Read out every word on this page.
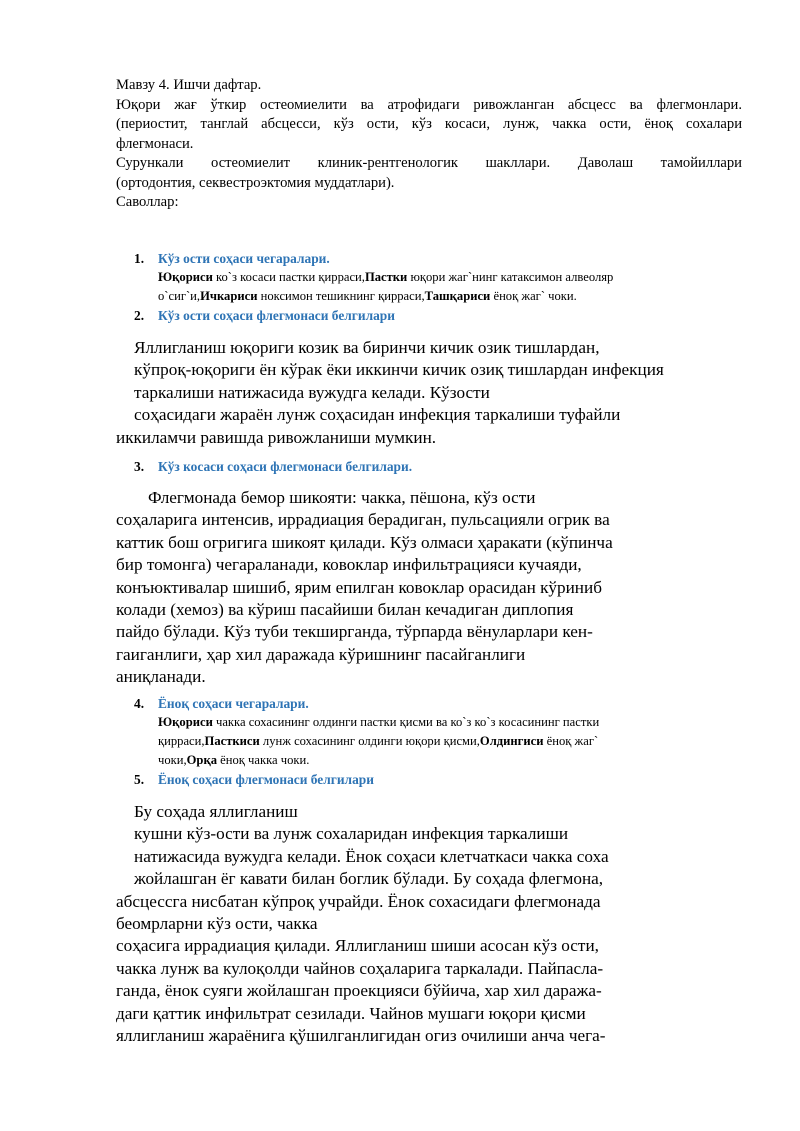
Мавзу 4. Ишчи дафтар.

Юқори жағ ўткир остеомиелити ва атрофидаги ривожланган абсцесс ва флегмонлари.

(периостит, танглай абсцесси, кўз ости, кўз косаси, лунж, чакка ости, ёноқ сохалари

флегмонаси.

Сурункали остеомиелит клиник-рентгенологик шакллари. Даволаш тамойиллари

(ортодонтия, секвестроэктомия муддатлари).

Саволлар:

1. Кўз ости соҳаси чегаралари.
Юқориси ко`з косаси пастки қирраси,Пастки юқори жаг`нинг катаксимон алвеоляр
о`сиг`и,Ичкариси ноксимон тешикнинг қирраси,Ташқариси ёноқ жаг` чоки.
2. Кўз ости соҳаси флегмонаси белгилари
Яллигланиш юқориги козик ва биринчи кичик озик тишлардан,
кўпроқ-юқориги ён кўрак ёки иккинчи кичик озиқ тишлардан инфекция
таркалиши натижасида вужудга келади. Кўзости
соҳасидаги жараён лунж соҳасидан инфекция таркалиши туфайли
иккиламчи равишда ривожланиши мумкин.
3. Кўз косаси соҳаси флегмонаси белгилари.
Флегмонада бемор шикояти: чакка, пёшона, кўз ости
соҳаларига интенсив, иррадиация берадиган, пульсацияли огрик ва
каттик бош огригига шикоят қилади. Кўз олмаси ҳаракати (кўпинча
бир томонга) чегараланади, ковоклар инфильтрацияси кучаяди,
конъюктивалар шишиб, ярим епилган ковоклар орасидан кўриниб
колади (хемоз) ва кўриш пасайиши билан кечадиган диплопия
пайдо бўлади. Кўз туби текширганда, тўрпарда вёнуларлари кен-
гаиганлиги, ҳар хил даражада кўришнинг пасайганлиги
аниқланади.
4. Ёноқ соҳаси чегаралари.
Юқориси чакка сохасининг олдинги пастки қисми ва ко`з ко`з косасининг пастки
қирраси,Пасткиси лунж сохасининг олдинги юқори қисми,Олдингиси ёноқ жаг`
чоки,Орқа ёноқ чакка чоки.
5. Ёноқ соҳаси флегмонаси белгилари
Бу соҳада яллигланиш
кушни кўз-ости ва лунж сохаларидан инфекция таркалиши
натижасида вужудга келади. Ёнок соҳаси клетчаткаси чакка соха
жойлашган ёг кавати билан боглик бўлади. Бу соҳада флегмона,
абсцессга нисбатан кўпроқ учрайди. Ёнок сохасидаги флегмонада
беомрларни кўз ости, чакка
соҳасига иррадиация қилади. Яллигланиш шиши асосан кўз ости,
чакка лунж ва кулоқолди чайнов соҳаларига таркалади. Пайпасла-
ганда, ёнок суяги жойлашган проекцияси бўйича, хар хил даража-
даги қаттик инфильтрат сезилади. Чайнов мушаги юқори қисми
яллигланиш жараёнига қўшилганлигидан огиз очилиши анча чега-
